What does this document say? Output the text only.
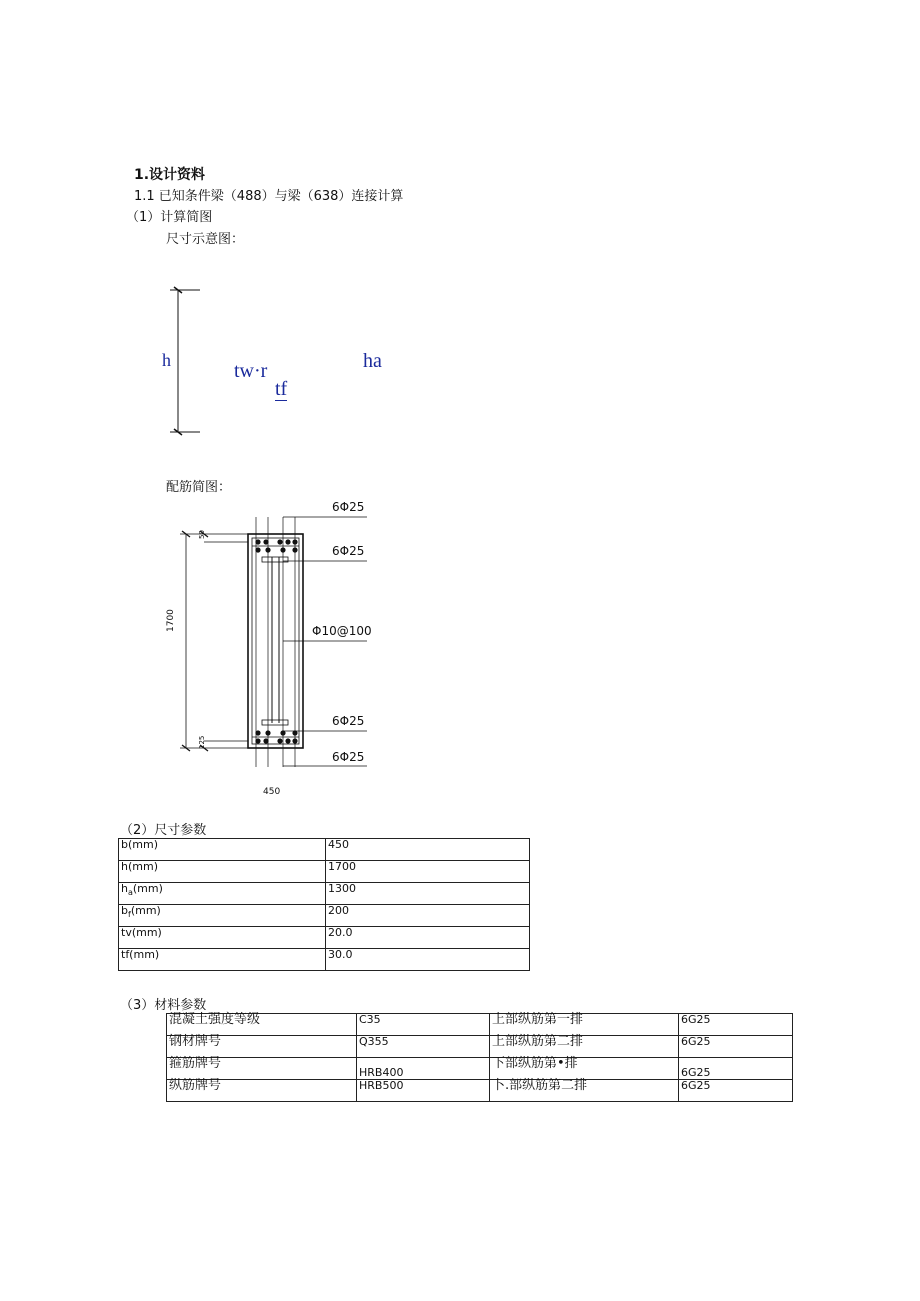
1.设计资料
1.1 已知条件梁（488）与梁（638）连接计算
（1）计算简图
尺寸示意图：
h	tw·r
tf
ha
配筋简图：
6Φ25
6Φ25
Φ10@100
6Φ25
6Φ25
1700
50
125
450
（2）尺寸参数
b(mm)	450
h(mm)	1700
$h_a(mm)$	1300
$b_f(mm)$	200
tv(mm)	20.0
tf(mm)	30.0
（3）材料参数
混凝土强度等级	C35	上部纵筋第一排	6G25
钢材牌号	Q355	上部纵筋第二排	6G25
箍筋牌号	HRB400	下部纵筋第•排	6G25
纵筋牌号	HRB500	卜.部纵筋第二排	6G25
